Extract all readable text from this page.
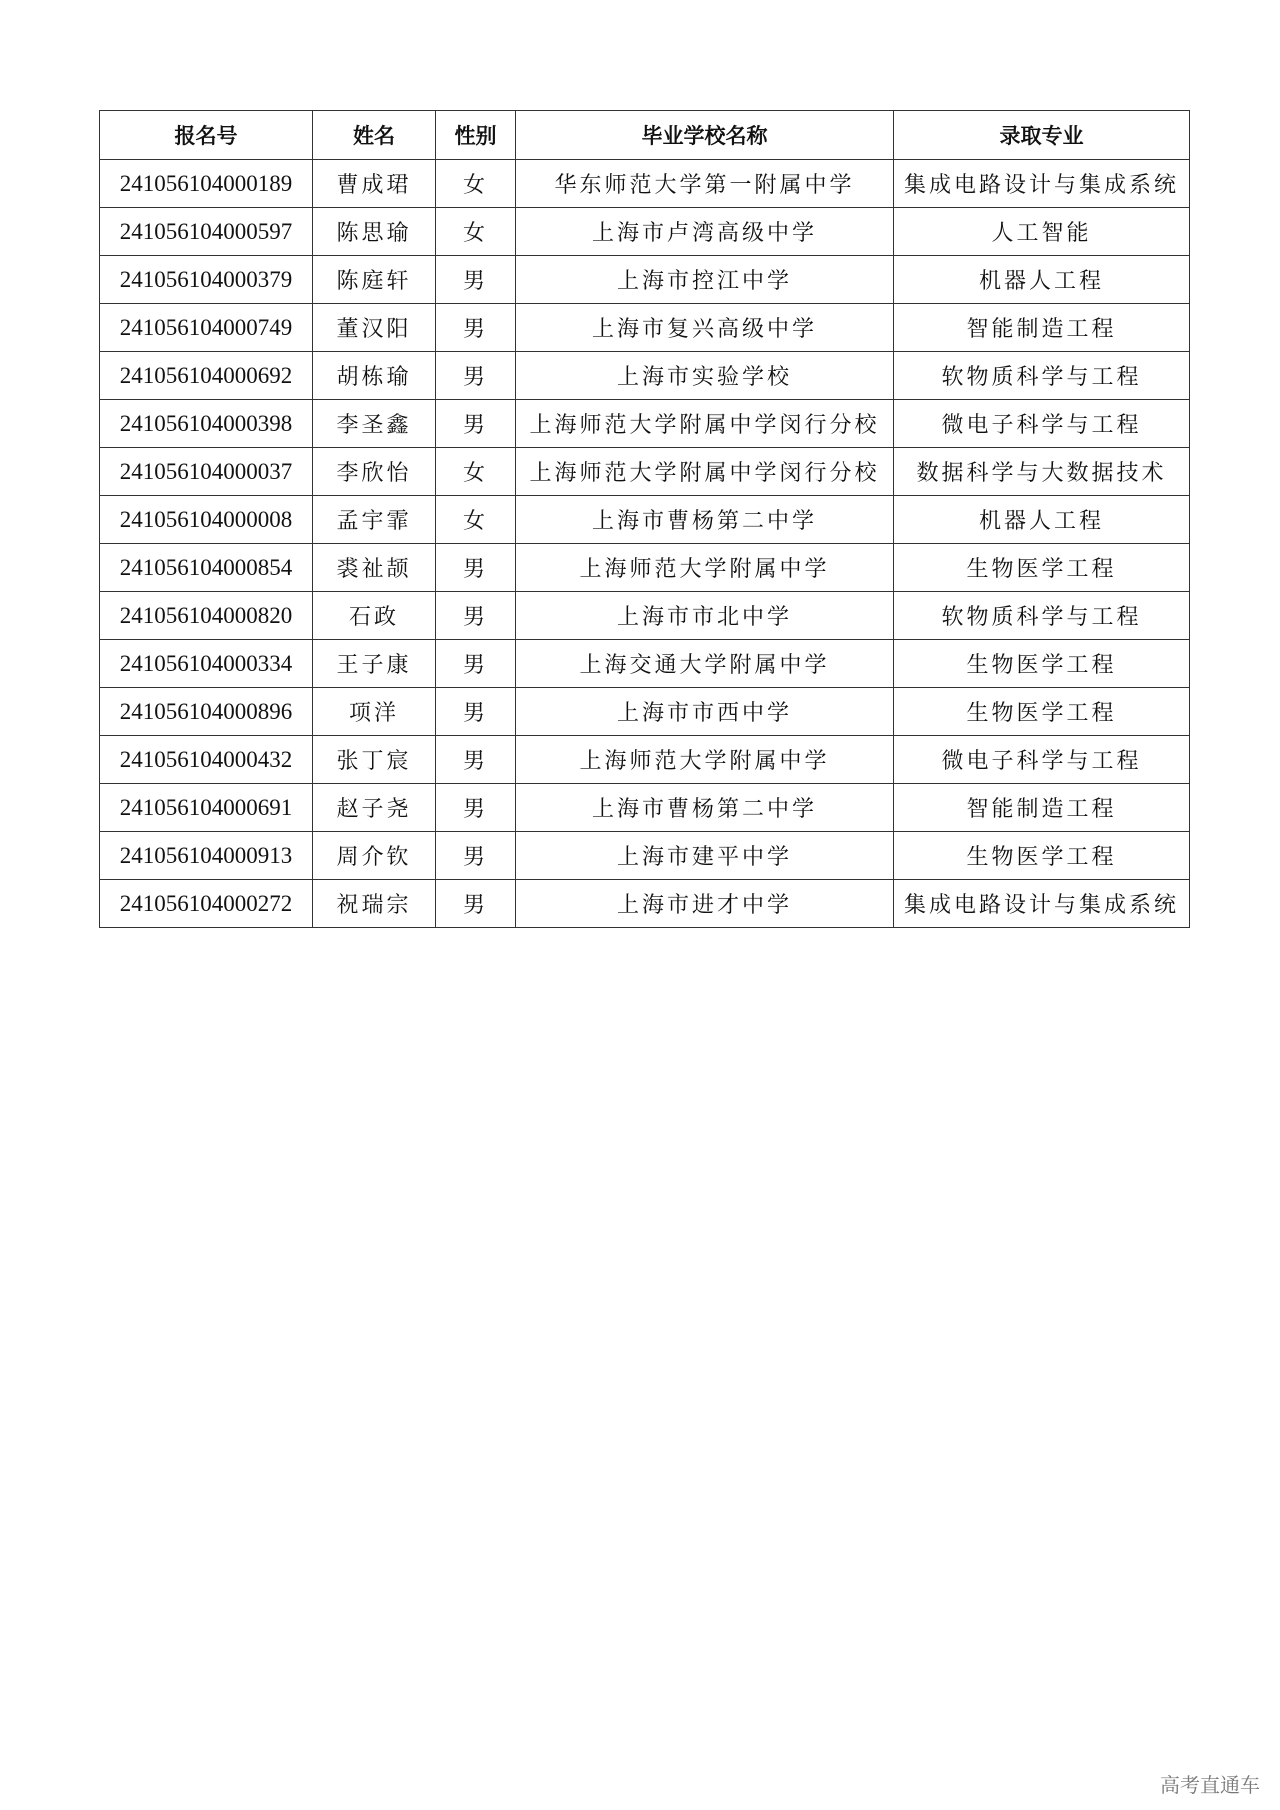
报名号	姓名	性别	毕业学校名称	录取专业
241056104000189	曹成珺	女	华东师范大学第一附属中学	集成电路设计与集成系统
241056104000597	陈思瑜	女	上海市卢湾高级中学	人工智能
241056104000379	陈庭轩	男	上海市控江中学	机器人工程
241056104000749	董汉阳	男	上海市复兴高级中学	智能制造工程
241056104000692	胡栋瑜	男	上海市实验学校	软物质科学与工程
241056104000398	李圣鑫	男	上海师范大学附属中学闵行分校	微电子科学与工程
241056104000037	李欣怡	女	上海师范大学附属中学闵行分校	数据科学与大数据技术
241056104000008	孟宇霏	女	上海市曹杨第二中学	机器人工程
241056104000854	裘祉颉	男	上海师范大学附属中学	生物医学工程
241056104000820	石政	男	上海市市北中学	软物质科学与工程
241056104000334	王子康	男	上海交通大学附属中学	生物医学工程
241056104000896	项洋	男	上海市市西中学	生物医学工程
241056104000432	张丁宸	男	上海师范大学附属中学	微电子科学与工程
241056104000691	赵子尧	男	上海市曹杨第二中学	智能制造工程
241056104000913	周介钦	男	上海市建平中学	生物医学工程
241056104000272	祝瑞宗	男	上海市进才中学	集成电路设计与集成系统
高考直通车
